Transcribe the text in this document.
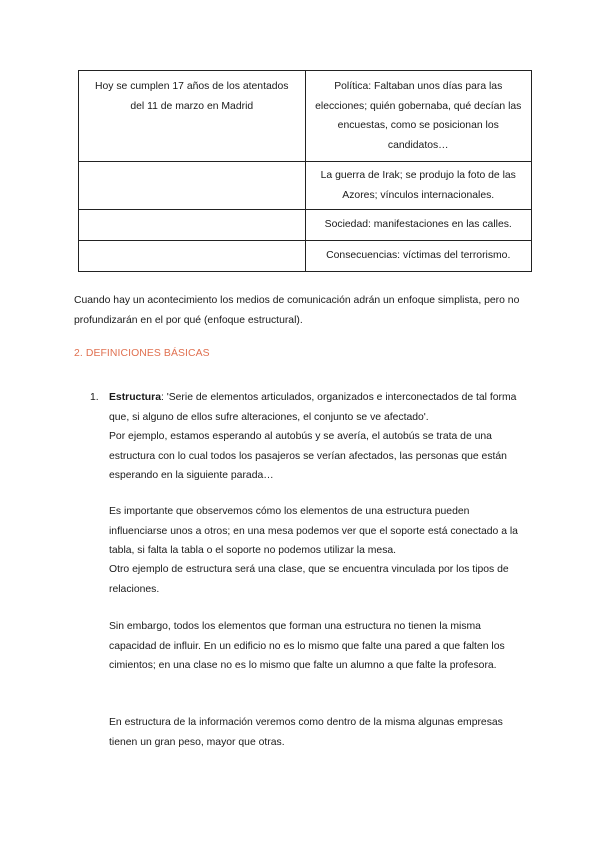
Hoy se cumplen 17 años de los atentados del 11 de marzo en Madrid	Política: Faltaban unos días para las elecciones; quién gobernaba, qué decían las encuestas, como se posicionan los candidatos…
	La guerra de Irak; se produjo la foto de las Azores; vínculos internacionales.
	Sociedad: manifestaciones en las calles.
	Consecuencias: víctimas del terrorismo.

Cuando hay un acontecimiento los medios de comunicación adrán un enfoque simplista, pero no profundizarán en el por qué (enfoque estructural).

2. DEFINICIONES BÁSICAS
1. Estructura: 'Serie de elementos articulados, organizados e interconectados de tal forma que, si alguno de ellos sufre alteraciones, el conjunto se ve afectado'.

Por ejemplo, estamos esperando al autobús y se avería, el autobús se trata de una estructura con lo cual todos los pasajeros se verían afectados, las personas que están esperando en la siguiente parada…

Es importante que observemos cómo los elementos de una estructura pueden influenciarse unos a otros; en una mesa podemos ver que el soporte está conectado a la tabla, si falta la tabla o el soporte no podemos utilizar la mesa.

Otro ejemplo de estructura será una clase, que se encuentra vinculada por los tipos de relaciones.

Sin embargo, todos los elementos que forman una estructura no tienen la misma capacidad de influir. En un edificio no es lo mismo que falte una pared a que falten los cimientos; en una clase no es lo mismo que falte un alumno a que falte la profesora.

En estructura de la información veremos como dentro de la misma algunas empresas tienen un gran peso, mayor que otras.
